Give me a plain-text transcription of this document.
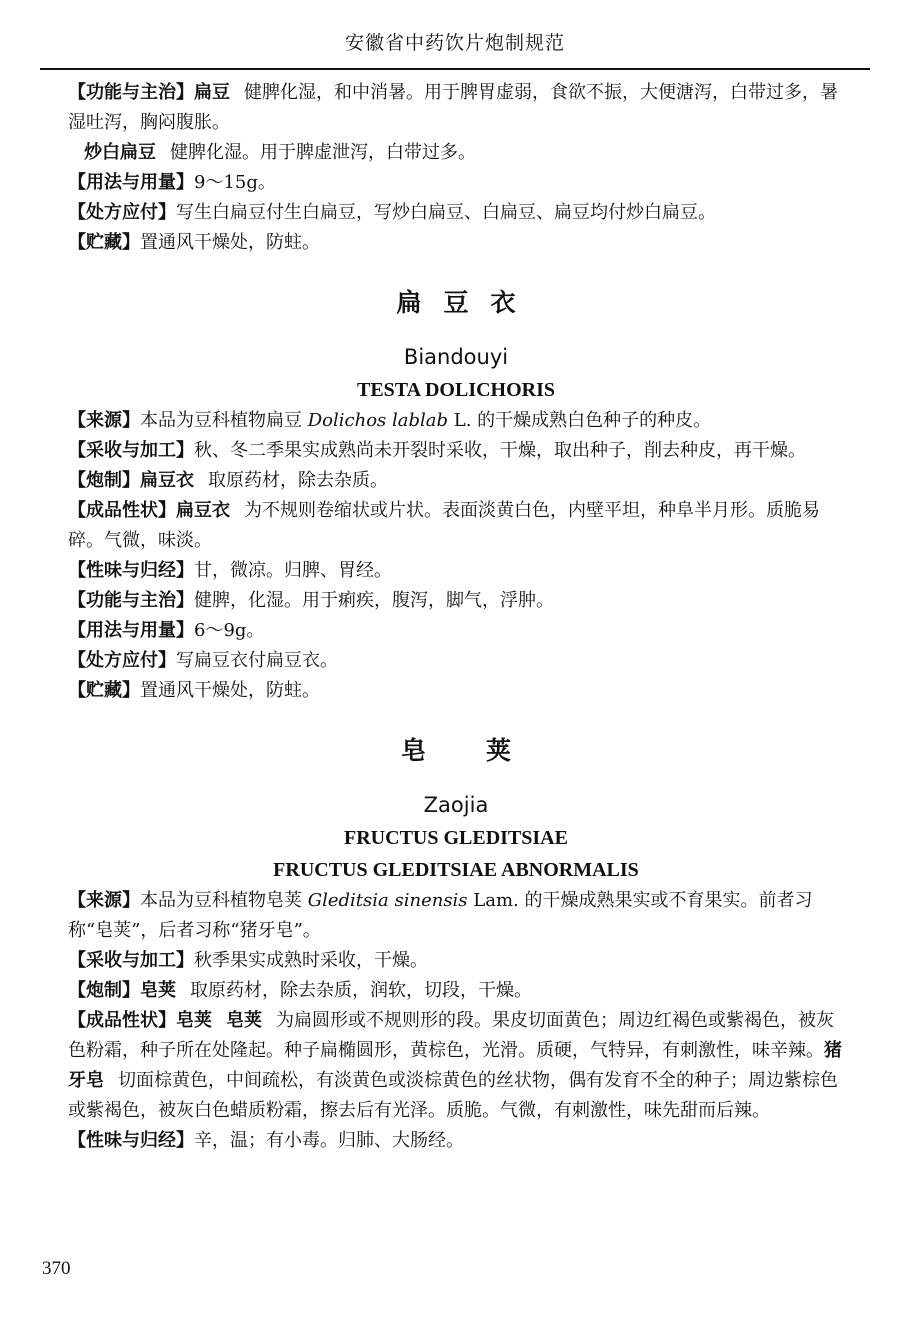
安徽省中药饮片炮制规范

【功能与主治】扁豆 健脾化湿，和中消暑。用于脾胃虚弱，食欲不振，大便溏泻，白带过多，暑湿吐泻，胸闷腹胀。

炒白扁豆 健脾化湿。用于脾虚泄泻，白带过多。

【用法与用量】9～15g。

【处方应付】写生白扁豆付生白扁豆，写炒白扁豆、白扁豆、扁豆均付炒白扁豆。

【贮藏】置通风干燥处，防蛀。

扁豆衣
Biandouyi
TESTA DOLICHORIS

【来源】本品为豆科植物扁豆 Dolichos lablab L. 的干燥成熟白色种子的种皮。

【采收与加工】秋、冬二季果实成熟尚未开裂时采收，干燥，取出种子，削去种皮，再干燥。

【炮制】扁豆衣 取原药材，除去杂质。

【成品性状】扁豆衣 为不规则卷缩状或片状。表面淡黄白色，内壁平坦，种阜半月形。质脆易碎。气微，味淡。

【性味与归经】甘，微凉。归脾、胃经。

【功能与主治】健脾，化湿。用于痢疾，腹泻，脚气，浮肿。

【用法与用量】6～9g。

【处方应付】写扁豆衣付扁豆衣。

【贮藏】置通风干燥处，防蛀。

皂荚
Zaojia
FRUCTUS GLEDITSIAE
FRUCTUS GLEDITSIAE ABNORMALIS

【来源】本品为豆科植物皂荚 Gleditsia sinensis Lam. 的干燥成熟果实或不育果实。前者习称“皂荚”，后者习称“猪牙皂”。

【采收与加工】秋季果实成熟时采收，干燥。

【炮制】皂荚 取原药材，除去杂质，润软，切段，干燥。

【成品性状】皂荚 皂荚 为扁圆形或不规则形的段。果皮切面黄色；周边红褐色或紫褐色，被灰色粉霜，种子所在处隆起。种子扁椭圆形，黄棕色，光滑。质硬，气特异，有刺激性，味辛辣。猪牙皂 切面棕黄色，中间疏松，有淡黄色或淡棕黄色的丝状物，偶有发育不全的种子；周边紫棕色或紫褐色，被灰白色蜡质粉霜，擦去后有光泽。质脆。气微，有刺激性，味先甜而后辣。

【性味与归经】辛，温；有小毒。归肺、大肠经。

370
